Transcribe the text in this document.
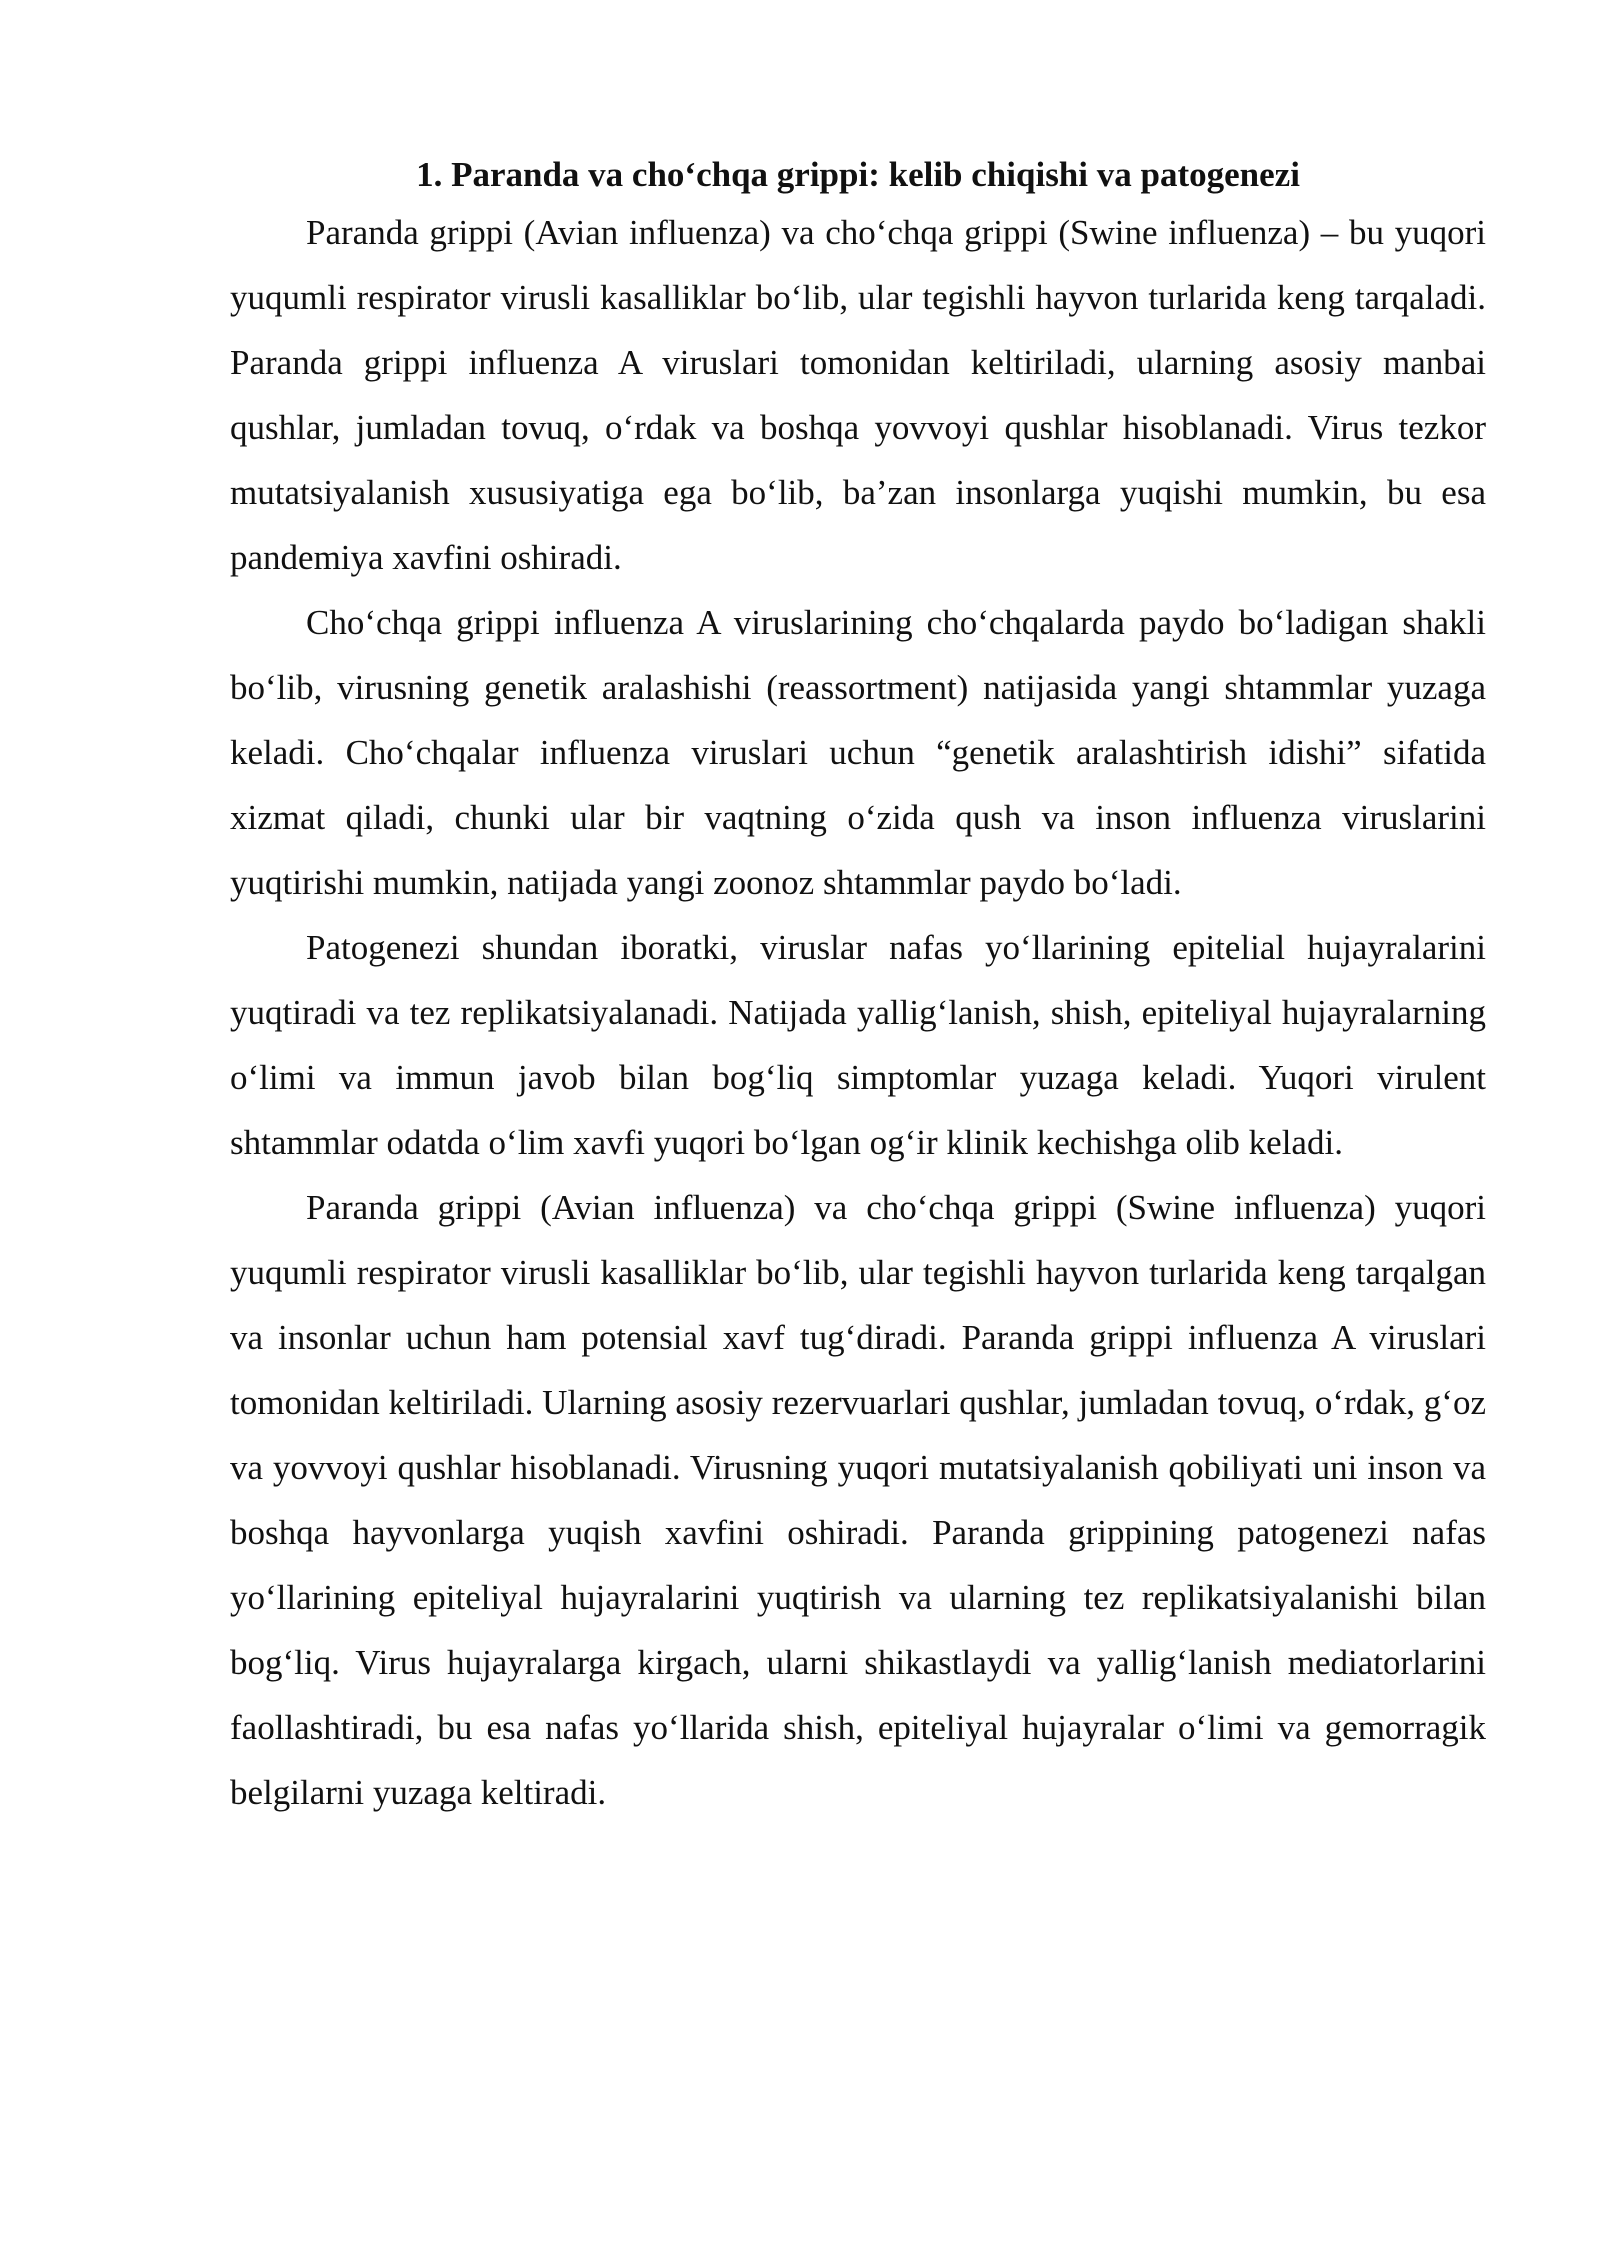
1. Paranda va cho‘chqa grippi: kelib chiqishi va patogenezi

Paranda grippi (Avian influenza) va cho‘chqa grippi (Swine influenza) – bu yuqori yuqumli respirator virusli kasalliklar bo‘lib, ular tegishli hayvon turlarida keng tarqaladi. Paranda grippi influenza A viruslari tomonidan keltiriladi, ularning asosiy manbai qushlar, jumladan tovuq, o‘rdak va boshqa yovvoyi qushlar hisoblanadi. Virus tezkor mutatsiyalanish xususiyatiga ega bo‘lib, ba’zan insonlarga yuqishi mumkin, bu esa pandemiya xavfini oshiradi.

Cho‘chqa grippi influenza A viruslarining cho‘chqalarda paydo bo‘ladigan shakli bo‘lib, virusning genetik aralashishi (reassortment) natijasida yangi shtammlar yuzaga keladi. Cho‘chqalar influenza viruslari uchun “genetik aralashtirish idishi” sifatida xizmat qiladi, chunki ular bir vaqtning o‘zida qush va inson influenza viruslarini yuqtirishi mumkin, natijada yangi zoonoz shtammlar paydo bo‘ladi.

Patogenezi shundan iboratki, viruslar nafas yo‘llarining epitelial hujayralarini yuqtiradi va tez replikatsiyalanadi. Natijada yallig‘lanish, shish, epiteliyal hujayralarning o‘limi va immun javob bilan bog‘liq simptomlar yuzaga keladi. Yuqori virulent shtammlar odatda o‘lim xavfi yuqori bo‘lgan og‘ir klinik kechishga olib keladi.

Paranda grippi (Avian influenza) va cho‘chqa grippi (Swine influenza) yuqori yuqumli respirator virusli kasalliklar bo‘lib, ular tegishli hayvon turlarida keng tarqalgan va insonlar uchun ham potensial xavf tug‘diradi. Paranda grippi influenza A viruslari tomonidan keltiriladi. Ularning asosiy rezervuarlari qushlar, jumladan tovuq, o‘rdak, g‘oz va yovvoyi qushlar hisoblanadi. Virusning yuqori mutatsiyalanish qobiliyati uni inson va boshqa hayvonlarga yuqish xavfini oshiradi. Paranda grippining patogenezi nafas yo‘llarining epiteliyal hujayralarini yuqtirish va ularning tez replikatsiyalanishi bilan bog‘liq. Virus hujayralarga kirgach, ularni shikastlaydi va yallig‘lanish mediatorlarini faollashtiradi, bu esa nafas yo‘llarida shish, epiteliyal hujayralar o‘limi va gemorragik belgilarni yuzaga keltiradi.
